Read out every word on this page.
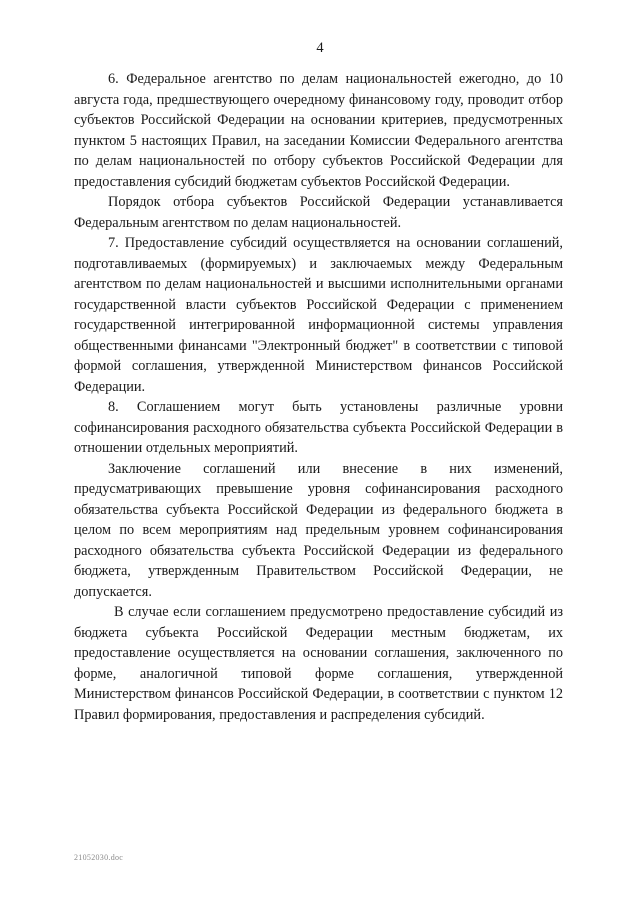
4

6. Федеральное агентство по делам национальностей ежегодно, до 10 августа года, предшествующего очередному финансовому году, проводит отбор субъектов Российской Федерации на основании критериев, предусмотренных пунктом 5 настоящих Правил, на заседании Комиссии Федерального агентства по делам национальностей по отбору субъектов Российской Федерации для предоставления субсидий бюджетам субъектов Российской Федерации.

Порядок отбора субъектов Российской Федерации устанавливается Федеральным агентством по делам национальностей.

7. Предоставление субсидий осуществляется на основании соглашений, подготавливаемых (формируемых) и заключаемых между Федеральным агентством по делам национальностей и высшими исполнительными органами государственной власти субъектов Российской Федерации с применением государственной интегрированной информационной системы управления общественными финансами "Электронный бюджет" в соответствии с типовой формой соглашения, утвержденной Министерством финансов Российской Федерации.

8. Соглашением могут быть установлены различные уровни софинансирования расходного обязательства субъекта Российской Федерации в отношении отдельных мероприятий.

Заключение соглашений или внесение в них изменений, предусматривающих превышение уровня софинансирования расходного обязательства субъекта Российской Федерации из федерального бюджета в целом по всем мероприятиям над предельным уровнем софинансирования расходного обязательства субъекта Российской Федерации из федерального бюджета, утвержденным Правительством Российской Федерации, не допускается.

В случае если соглашением предусмотрено предоставление субсидий из бюджета субъекта Российской Федерации местным бюджетам, их предоставление осуществляется на основании соглашения, заключенного по форме, аналогичной типовой форме соглашения, утвержденной Министерством финансов Российской Федерации, в соответствии с пунктом 12 Правил формирования, предоставления и распределения субсидий.

21052030.doc
